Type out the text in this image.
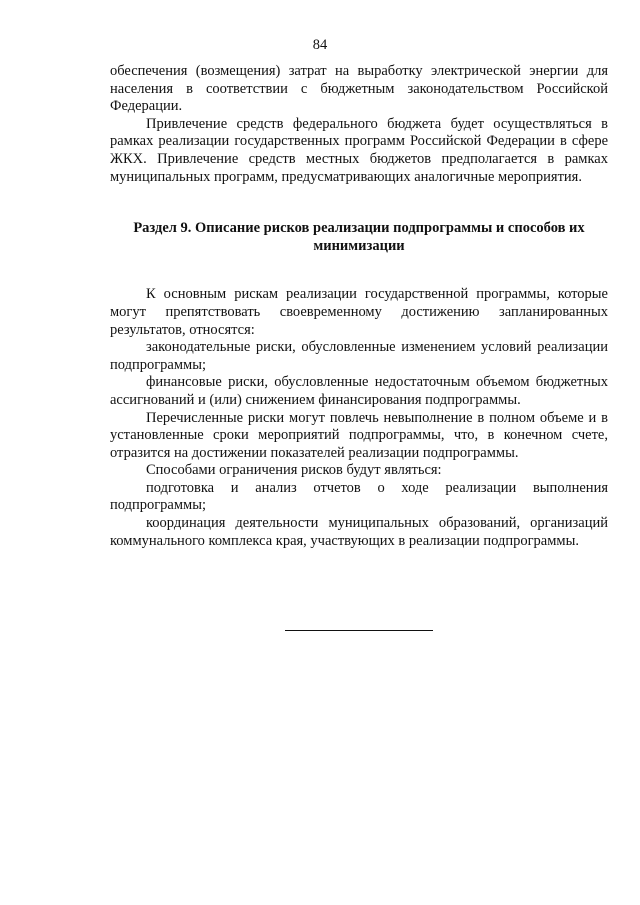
84

обеспечения (возмещения) затрат на выработку электрической энергии для населения в соответствии с бюджетным законодательством Российской Федерации.

Привлечение средств федерального бюджета будет осуществляться в рамках реализации государственных программ Российской Федерации в сфере ЖКХ. Привлечение средств местных бюджетов предполагается в рамках муниципальных программ, предусматривающих аналогичные мероприятия.

Раздел 9. Описание рисков реализации подпрограммы и способов их минимизации

К основным рискам реализации государственной программы, которые могут препятствовать своевременному достижению запланированных результатов, относятся:

законодательные риски, обусловленные изменением условий реализации подпрограммы;

финансовые риски, обусловленные недостаточным объемом бюджетных ассигнований и (или) снижением финансирования подпрограммы.

Перечисленные риски могут повлечь невыполнение в полном объеме и в установленные сроки мероприятий подпрограммы, что, в конечном счете, отразится на достижении показателей реализации подпрограммы.

Способами ограничения рисков будут являться:

подготовка и анализ отчетов о ходе реализации выполнения подпрограммы;

координация деятельности муниципальных образований, организаций коммунального комплекса края, участвующих в реализации подпрограммы.
